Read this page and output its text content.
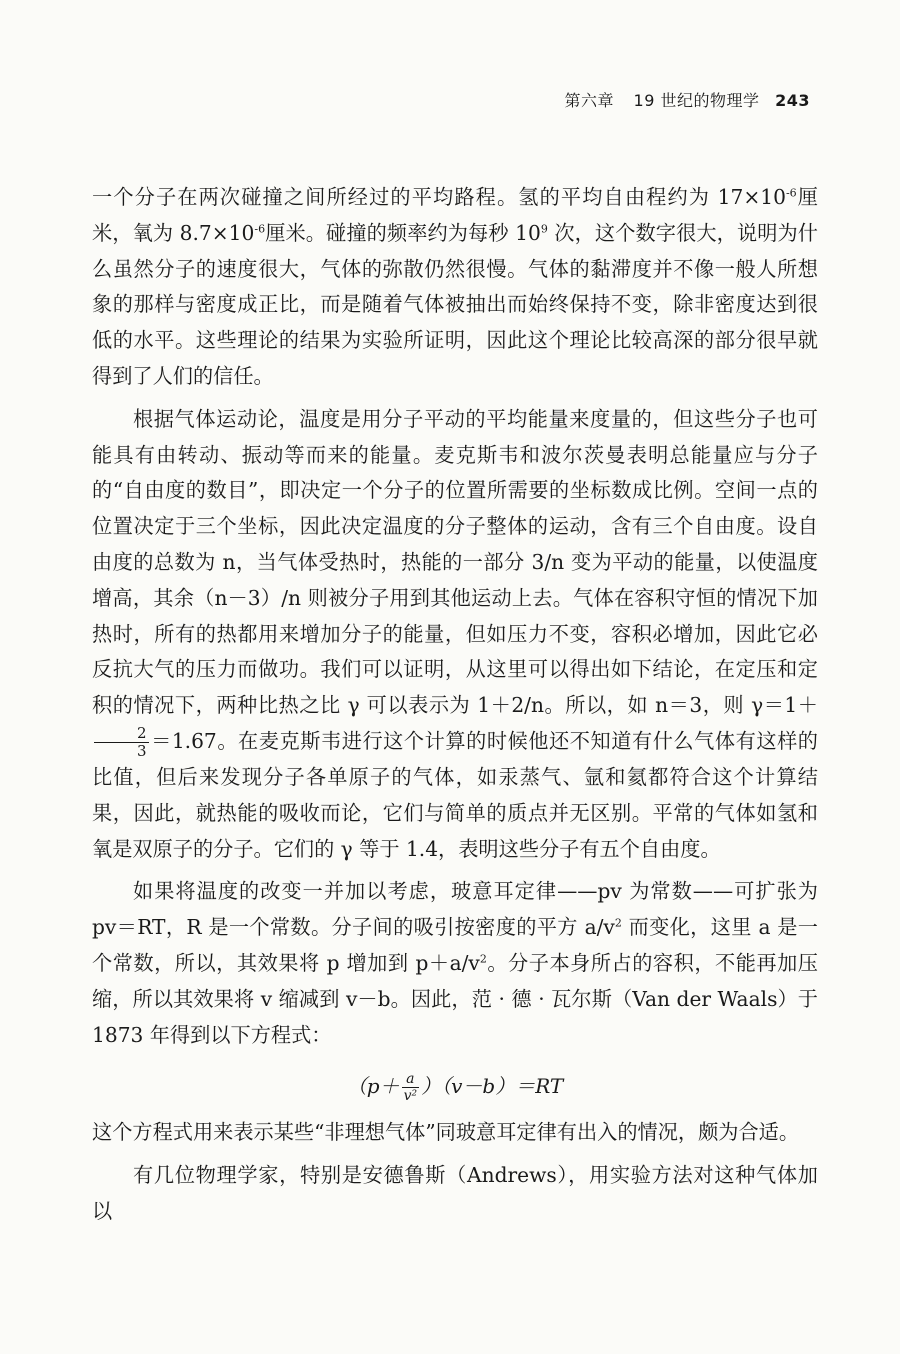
第六章 19 世纪的物理学 243

一个分子在两次碰撞之间所经过的平均路程。氢的平均自由程约为 $17\times 10^{-6}$厘米，氧为 $8.7\times 10^{-6}$厘米。碰撞的频率约为每秒 $10^9$ 次，这个数字很大，说明为什么虽然分子的速度很大，气体的弥散仍然很慢。气体的黏滞度并不像一般人所想象的那样与密度成正比，而是随着气体被抽出而始终保持不变，除非密度达到很低的水平。这些理论的结果为实验所证明，因此这个理论比较高深的部分很早就得到了人们的信任。

根据气体运动论，温度是用分子平动的平均能量来度量的，但这些分子也可能具有由转动、振动等而来的能量。麦克斯韦和波尔茨曼表明总能量应与分子的“自由度的数目”，即决定一个分子的位置所需要的坐标数成比例。空间一点的位置决定于三个坐标，因此决定温度的分子整体的运动，含有三个自由度。设自由度的总数为 n，当气体受热时，热能的一部分 3/n 变为平动的能量，以使温度增高，其余（n－3）/n 则被分子用到其他运动上去。气体在容积守恒的情况下加热时，所有的热都用来增加分子的能量，但如压力不变，容积必增加，因此它必反抗大气的压力而做功。我们可以证明，从这里可以得出如下结论，在定压和定积的情况下，两种比热之比 γ 可以表示为 1＋2/n。所以，如 n＝3，则 γ＝1＋
$\frac{2}{3} =1.67$。在麦克斯韦进行这个计算的时候他还不知道有什么气体有这样的比值，但后来发现分子各单原子的气体，如汞蒸气、氩和氦都符合这个计算结果，因此，就热能的吸收而论，它们与简单的质点并无区别。平常的气体如氢和氧是双原子的分子。它们的 γ 等于 1.4，表明这些分子有五个自由度。

如果将温度的改变一并加以考虑，玻意耳定律——pv 为常数——可扩张为 pv＝RT，R 是一个常数。分子间的吸引按密度的平方 $a/v^2$ 而变化，这里 a 是一个常数，所以，其效果将 p 增加到 $p+a/v^2$。分子本身所占的容积，不能再加压缩，所以其效果将 v 缩减到 v－b。因此，范 · 德 · 瓦尔斯（Van der Waals）于 1873 年得到以下方程式：

$(p+ \frac{a}{\text{v²}} )(v-b)=RT$

这个方程式用来表示某些“非理想气体”同玻意耳定律有出入的情况，颇为合适。

有几位物理学家，特别是安德鲁斯（Andrews），用实验方法对这种气体加以
